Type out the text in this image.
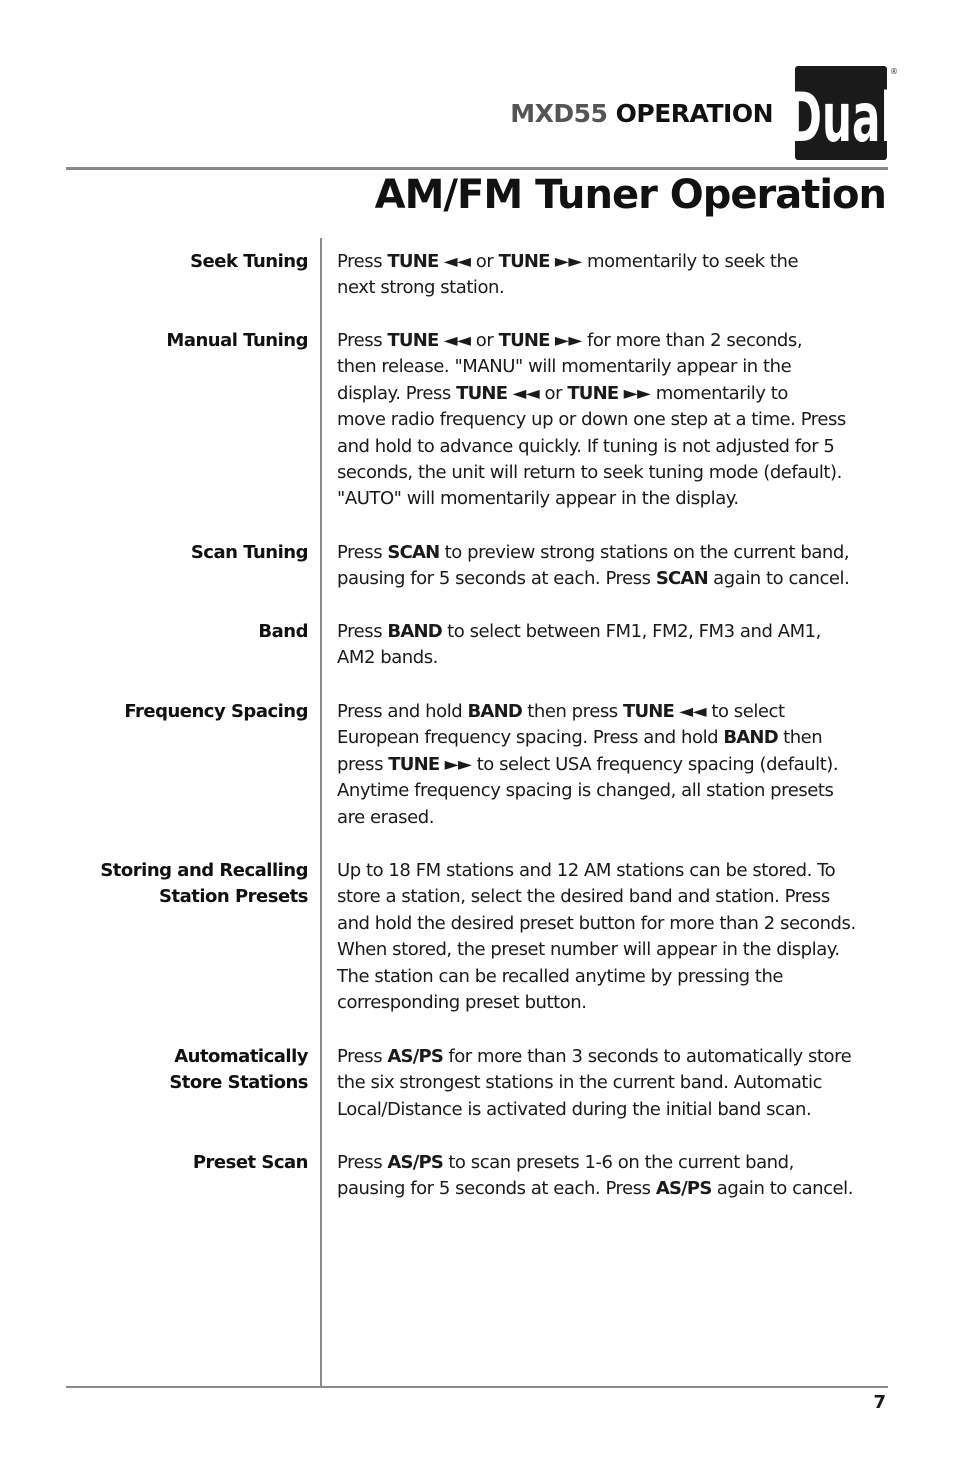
MXD55 OPERATION Dual
®
AM/FM Tuner Operation
Seek Tuning Press TUNE ◄◄ or TUNE ►► momentarily to seek the
next strong station.
Manual Tuning Press TUNE ◄◄ or TUNE ►► for more than 2 seconds,
then release. "MANU" will momentarily appear in the
display. Press TUNE ◄◄ or TUNE ►► momentarily to
move radio frequency up or down one step at a time. Press
and hold to advance quickly. If tuning is not adjusted for 5
seconds, the unit will return to seek tuning mode (default).
"AUTO" will momentarily appear in the display.
Scan Tuning Press SCAN to preview strong stations on the current band,
pausing for 5 seconds at each. Press SCAN again to cancel.
Band Press BAND to select between FM1, FM2, FM3 and AM1,
AM2 bands.
Frequency Spacing Press and hold BAND then press TUNE ◄◄ to select
European frequency spacing. Press and hold BAND then
press TUNE ►► to select USA frequency spacing (default).
Anytime frequency spacing is changed, all station presets
are erased.
Storing and Recalling
Station Presets
Up to 18 FM stations and 12 AM stations can be stored. To
store a station, select the desired band and station. Press
and hold the desired preset button for more than 2 seconds.
When stored, the preset number will appear in the display.
The station can be recalled anytime by pressing the
corresponding preset button.
Automatically
Store Stations
Press AS/PS for more than 3 seconds to automatically store
the six strongest stations in the current band. Automatic
Local/Distance is activated during the initial band scan.
Preset Scan Press AS/PS to scan presets 1-6 on the current band,
pausing for 5 seconds at each. Press AS/PS again to cancel.
7
